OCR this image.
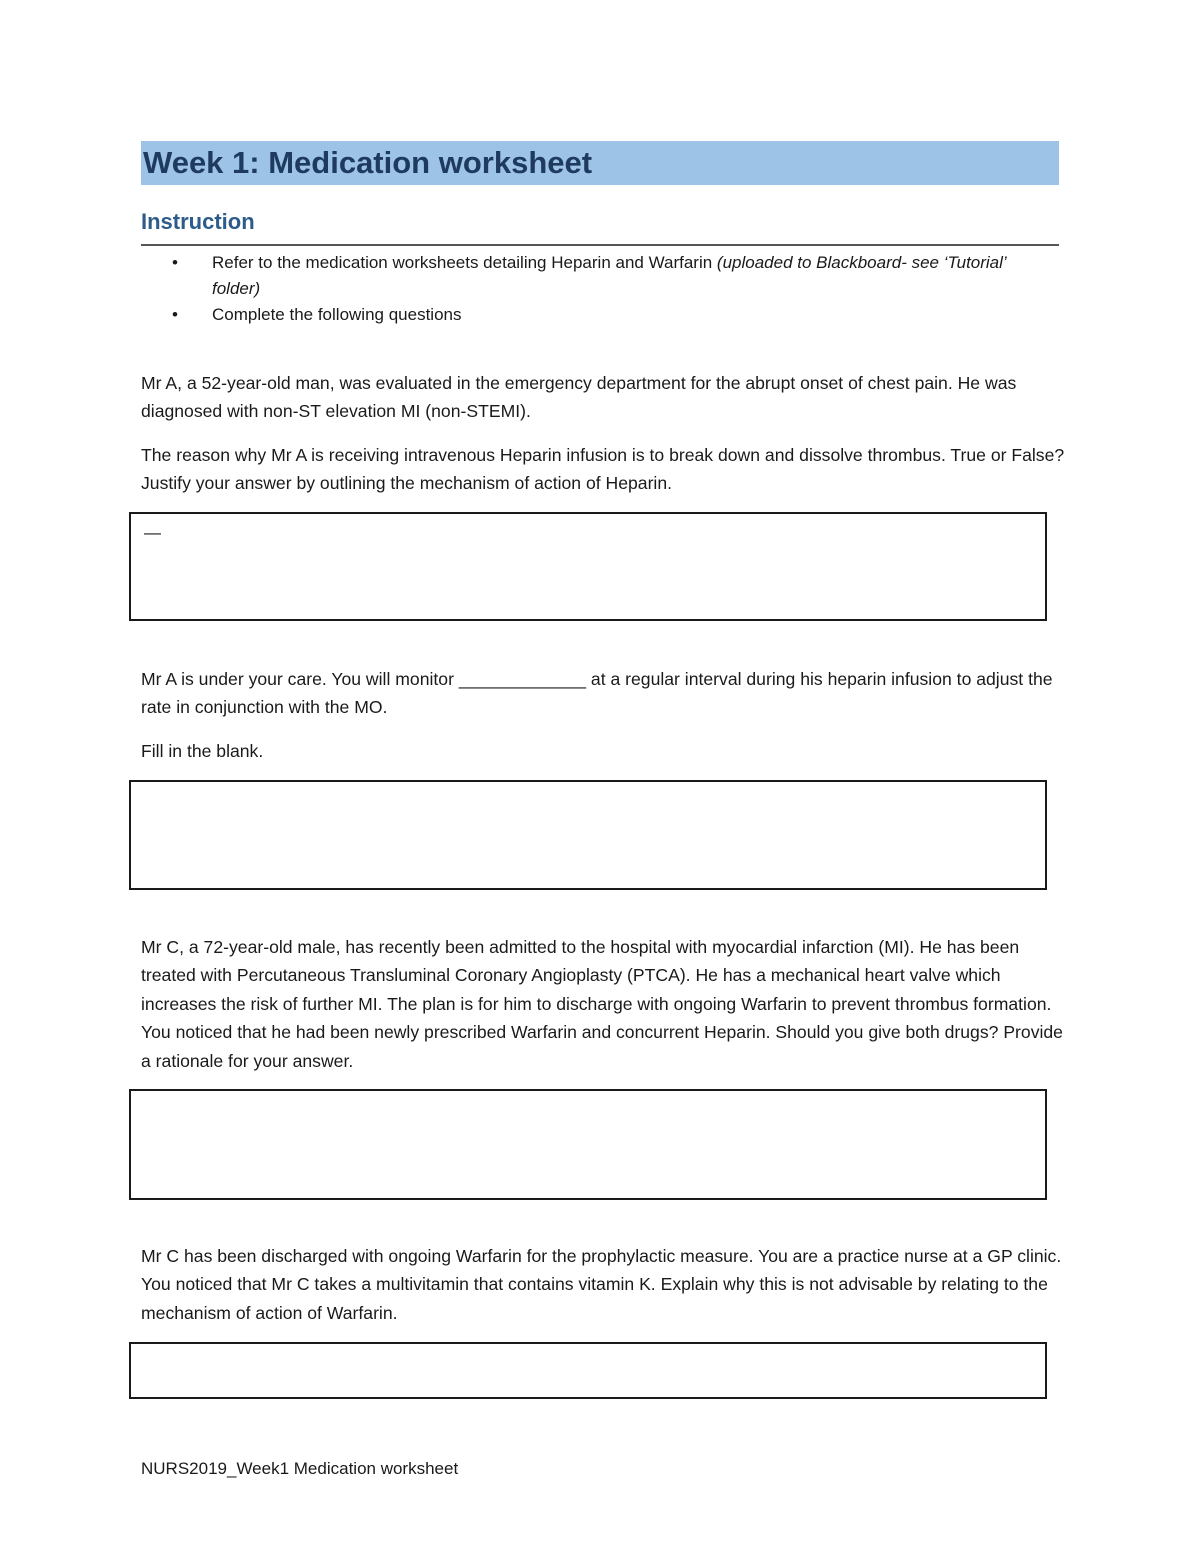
Week 1: Medication worksheet
Instruction
• Refer to the medication worksheets detailing Heparin and Warfarin (uploaded to Blackboard- see ‘Tutorial’ folder)
• Complete the following questions
Mr A, a 52-year-old man, was evaluated in the emergency department for the abrupt onset of chest pain. He was diagnosed with non-ST elevation MI (non-STEMI).
The reason why Mr A is receiving intravenous Heparin infusion is to break down and dissolve thrombus. True or False? Justify your answer by outlining the mechanism of action of Heparin.
—
Mr A is under your care. You will monitor _____________ at a regular interval during his heparin infusion to adjust the rate in conjunction with the MO.
Fill in the blank.
Mr C, a 72-year-old male, has recently been admitted to the hospital with myocardial infarction (MI). He has been treated with Percutaneous Transluminal Coronary Angioplasty (PTCA). He has a mechanical heart valve which increases the risk of further MI. The plan is for him to discharge with ongoing Warfarin to prevent thrombus formation. You noticed that he had been newly prescribed Warfarin and concurrent Heparin. Should you give both drugs? Provide a rationale for your answer.
Mr C has been discharged with ongoing Warfarin for the prophylactic measure. You are a practice nurse at a GP clinic. You noticed that Mr C takes a multivitamin that contains vitamin K. Explain why this is not advisable by relating to the mechanism of action of Warfarin.
NURS2019_Week1 Medication worksheet
